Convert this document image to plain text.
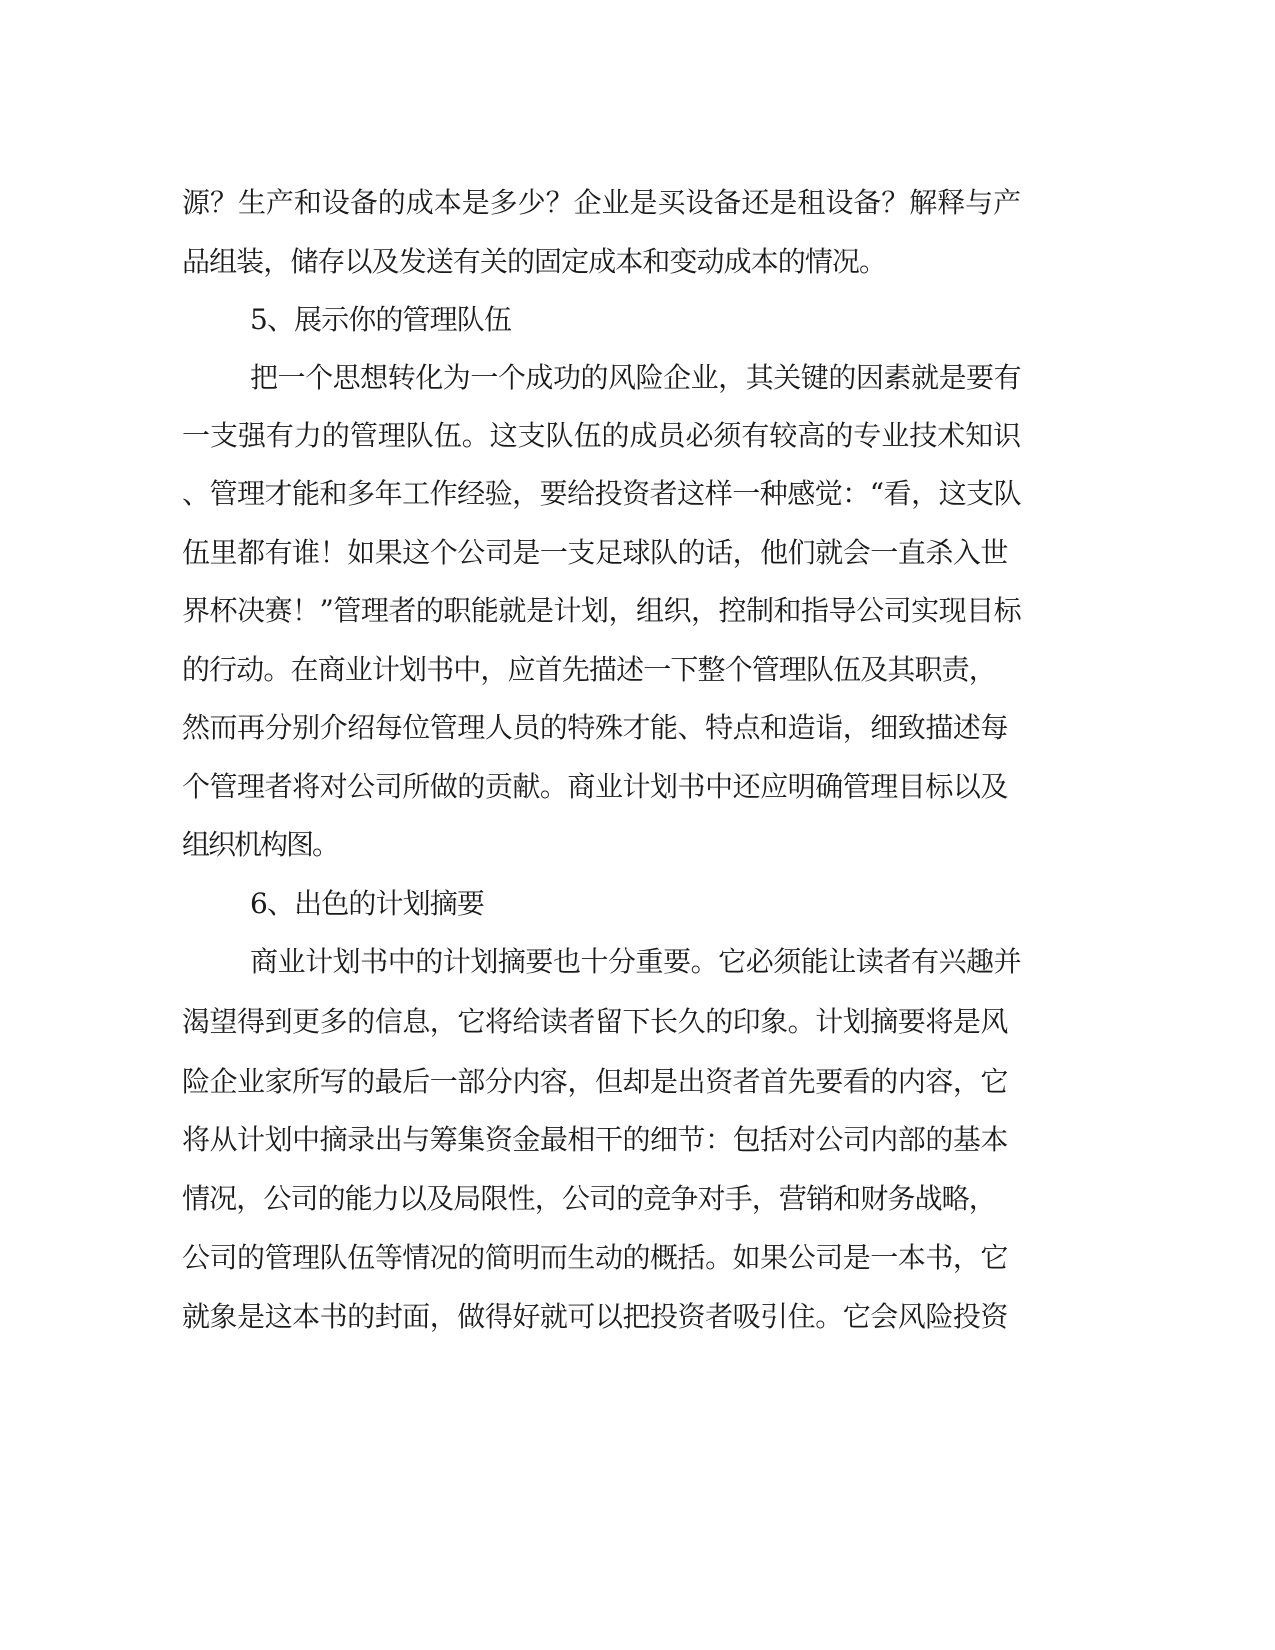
源？生产和设备的成本是多少？企业是买设备还是租设备？解释与产

品组装，储存以及发送有关的固定成本和变动成本的情况。

5、展示你的管理队伍

把一个思想转化为一个成功的风险企业，其关键的因素就是要有

一支强有力的管理队伍。这支队伍的成员必须有较高的专业技术知识

、管理才能和多年工作经验，要给投资者这样一种感觉：“看，这支队

伍里都有谁！如果这个公司是一支足球队的话，他们就会一直杀入世

界杯决赛！”管理者的职能就是计划，组织，控制和指导公司实现目标

的行动。在商业计划书中，应首先描述一下整个管理队伍及其职责，

然而再分别介绍每位管理人员的特殊才能、特点和造诣，细致描述每

个管理者将对公司所做的贡献。商业计划书中还应明确管理目标以及

组织机构图。

6、出色的计划摘要

商业计划书中的计划摘要也十分重要。它必须能让读者有兴趣并

渴望得到更多的信息，它将给读者留下长久的印象。计划摘要将是风

险企业家所写的最后一部分内容，但却是出资者首先要看的内容，它

将从计划中摘录出与筹集资金最相干的细节：包括对公司内部的基本

情况，公司的能力以及局限性，公司的竞争对手，营销和财务战略，

公司的管理队伍等情况的简明而生动的概括。如果公司是一本书，它

就象是这本书的封面，做得好就可以把投资者吸引住。它会风险投资
